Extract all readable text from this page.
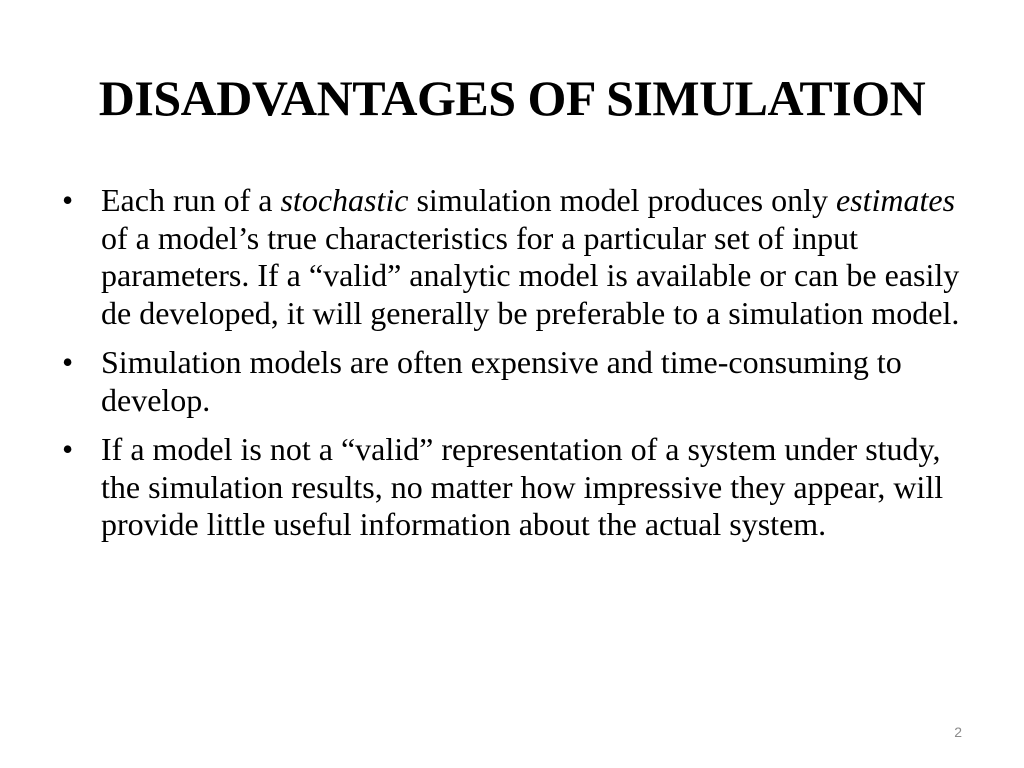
DISADVANTAGES OF SIMULATION
• Each run of a stochastic simulation model produces only estimates of a model’s true characteristics for a particular set of input parameters. If a “valid” analytic model is available or can be easily de developed, it will generally be preferable to a simulation model.
• Simulation models are often expensive and time-consuming to develop.
• If a model is not a “valid” representation of a system under study, the simulation results, no matter how impressive they appear, will provide little useful information about the actual system.
2
